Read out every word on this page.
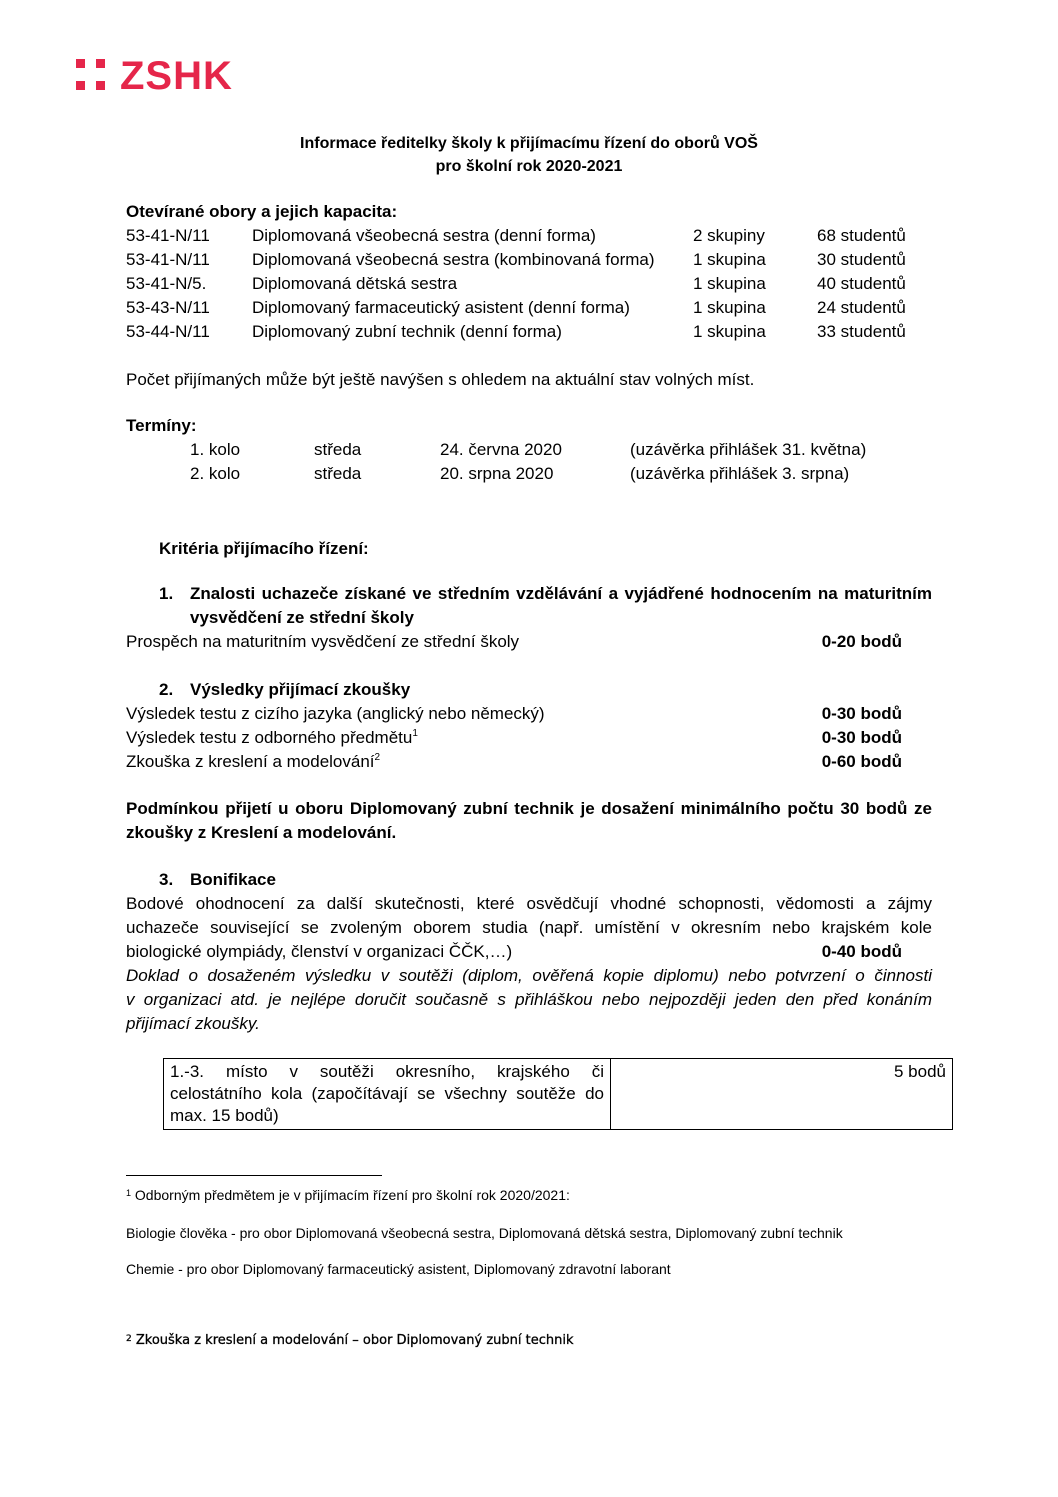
ZSHK
Informace ředitelky školy k přijímacímu řízení do oborů VOŠ
pro školní rok 2020-2021
Otevírané obory a jejich kapacita:
53-41-N/11 Diplomovaná všeobecná sestra (denní forma)	2 skupiny	68 studentů
53-41-N/11 Diplomovaná všeobecná sestra (kombinovaná forma) 1 skupina	30 studentů
53-41-N/5.	Diplomovaná dětská sestra	1 skupina	40 studentů
53-43-N/11 Diplomovaný farmaceutický asistent (denní forma)	1 skupina	24 studentů
53-44-N/11 Diplomovaný zubní technik (denní forma)	1 skupina	33 studentů
Počet přijímaných může být ještě navýšen s ohledem na aktuální stav volných míst.
Termíny:
1. kolo	středa	24. června 2020	(uzávěrka přihlášek 31. května)
2. kolo	středa	20. srpna 2020	(uzávěrka přihlášek 3. srpna)
Kritéria přijímacího řízení:
1. Znalosti uchazeče získané ve středním vzdělávání a vyjádřené hodnocením na maturitním
vysvědčení ze střední školy
Prospěch na maturitním vysvědčení ze střední školy	0-20 bodů
2. Výsledky přijímací zkoušky
Výsledek testu z cizího jazyka (anglický nebo německý)	0-30 bodů
Výsledek testu z odborného předmětu$^1$	0-30 bodů
Zkouška z kreslení a modelování$^2$	0-60 bodů
Podmínkou přijetí u oboru Diplomovaný zubní technik je dosažení minimálního počtu 30 bodů ze
zkoušky z Kreslení a modelování.
3. Bonifikace
Bodové ohodnocení za další skutečnosti, které osvědčují vhodné schopnosti, vědomosti a zájmy
uchazeče související se zvoleným oborem studia (např. umístění v okresním nebo krajském kole
biologické olympiády, členství v organizaci ČČK,…)	0-40 bodů
Doklad o dosaženém výsledku v soutěži (diplom, ověřená kopie diplomu) nebo potvrzení o činnosti
v organizaci atd. je nejlépe doručit současně s přihláškou nebo nejpozději jeden den před konáním
přijímací zkoušky.
1.-3. místo v soutěži okresního, krajského či
celostátního kola (započítávají se všechny soutěže do
max. 15 bodů)
	5 bodů
$^1$ Odborným předmětem je v přijímacím řízení pro školní rok 2020/2021:
Biologie člověka - pro obor Diplomovaná všeobecná sestra, Diplomovaná dětská sestra, Diplomovaný zubní technik
Chemie - pro obor Diplomovaný farmaceutický asistent, Diplomovaný zdravotní laborant
$^2$ Zkouška z kreslení a modelování – obor Diplomovaný zubní technik
